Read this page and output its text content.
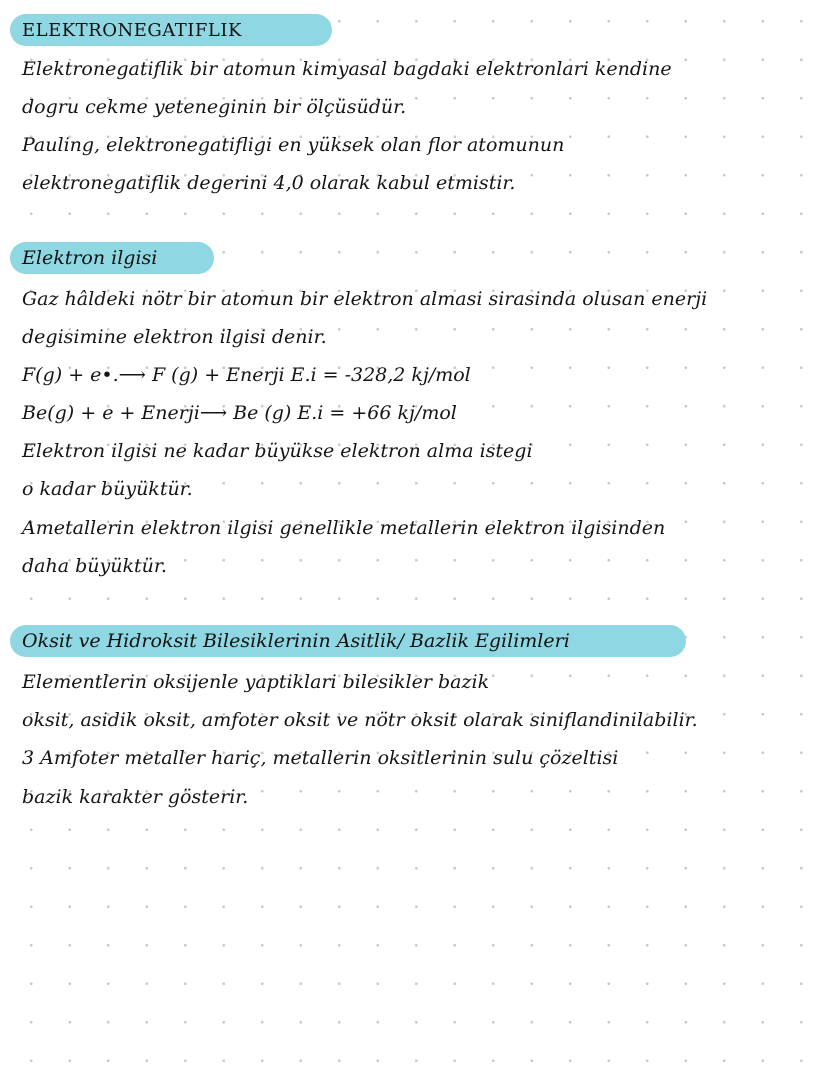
ELEKTRONEGATIFLIK
Elektronegatiflik bir atomun kimyasal bagdaki elektronlari kendine
dogru cekme yeteneginin bir ölçüsüdür.
Pauling, elektronegatifligi en yüksek olan flor atomunun
elektronegatiflik degerini 4,0 olarak kabul etmistir.
Elektron ilgisi
Gaz hâldeki nötr bir atomun bir elektron almasi sirasinda olusan enerji
degisimine elektron ilgisi denir.
F(g) + e•.⟶ F (g) + Enerji E.i = -328,2 kj/mol
Be(g) + e + Enerji⟶ Be (g) E.i = +66 kj/mol
Elektron ilgisi ne kadar büyükse elektron alma istegi
o kadar büyüktür.
Ametallerin elektron ilgisi genellikle metallerin elektron ilgisinden
daha büyüktür.
Oksit ve Hidroksit Bilesiklerinin Asitlik/ Bazlik Egilimleri
Elementlerin oksijenle yaptiklari bilesikler bazik
oksit, asidik oksit, amfoter oksit ve nötr oksit olarak siniflandinilabilir.
3 Amfoter metaller hariç, metallerin oksitlerinin sulu çözeltisi
bazik karakter gösterir.
